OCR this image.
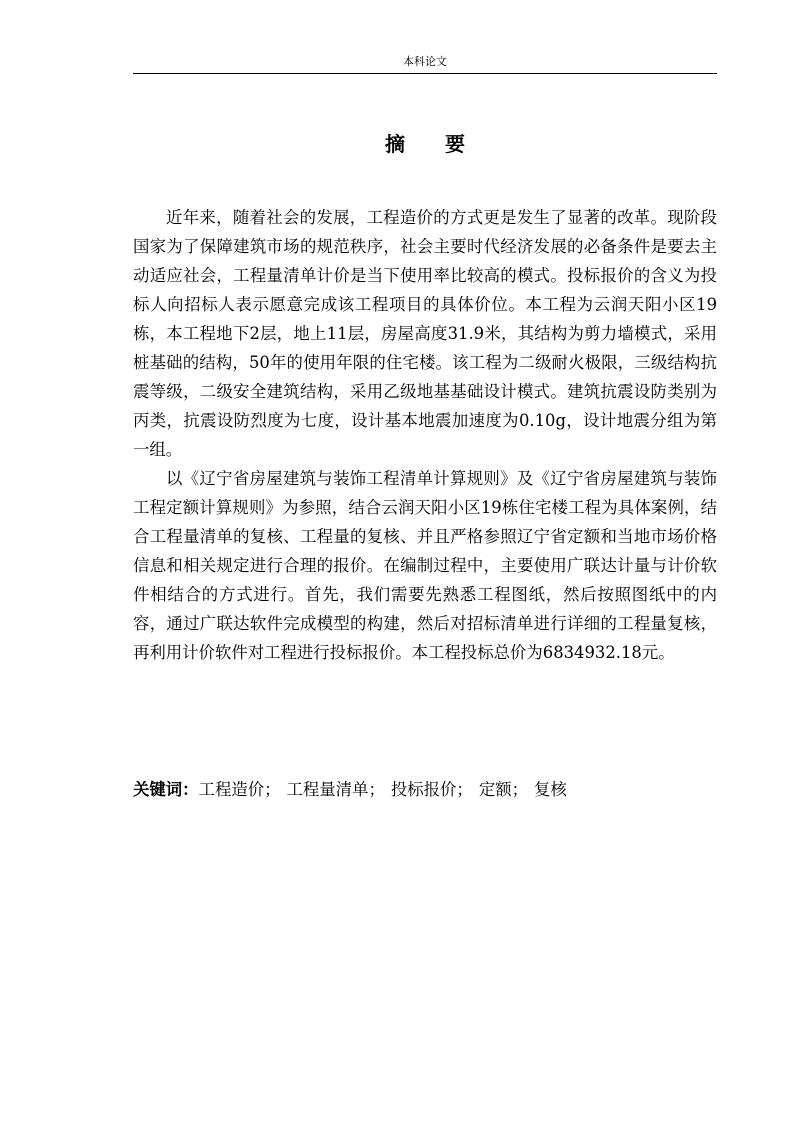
本科论文
摘要

近年来，随着社会的发展，工程造价的方式更是发生了显著的改革。现阶段国家为了保障建筑市场的规范秩序，社会主要时代经济发展的必备条件是要去主动适应社会，工程量清单计价是当下使用率比较高的模式。投标报价的含义为投标人向招标人表示愿意完成该工程项目的具体价位。本工程为云润天阳小区19栋，本工程地下2层，地上11层，房屋高度31.9米，其结构为剪力墙模式，采用桩基础的结构，50年的使用年限的住宅楼。该工程为二级耐火极限，三级结构抗震等级，二级安全建筑结构，采用乙级地基基础设计模式。建筑抗震设防类别为丙类，抗震设防烈度为七度，设计基本地震加速度为0.10g，设计地震分组为第一组。

以《辽宁省房屋建筑与装饰工程清单计算规则》及《辽宁省房屋建筑与装饰工程定额计算规则》为参照，结合云润天阳小区19栋住宅楼工程为具体案例，结合工程量清单的复核、工程量的复核、并且严格参照辽宁省定额和当地市场价格信息和相关规定进行合理的报价。在编制过程中，主要使用广联达计量与计价软件相结合的方式进行。首先，我们需要先熟悉工程图纸，然后按照图纸中的内容，通过广联达软件完成模型的构建，然后对招标清单进行详细的工程量复核，再利用计价软件对工程进行投标报价。本工程投标总价为6834932.18元。

关键词：工程造价； 工程量清单； 投标报价； 定额； 复核
